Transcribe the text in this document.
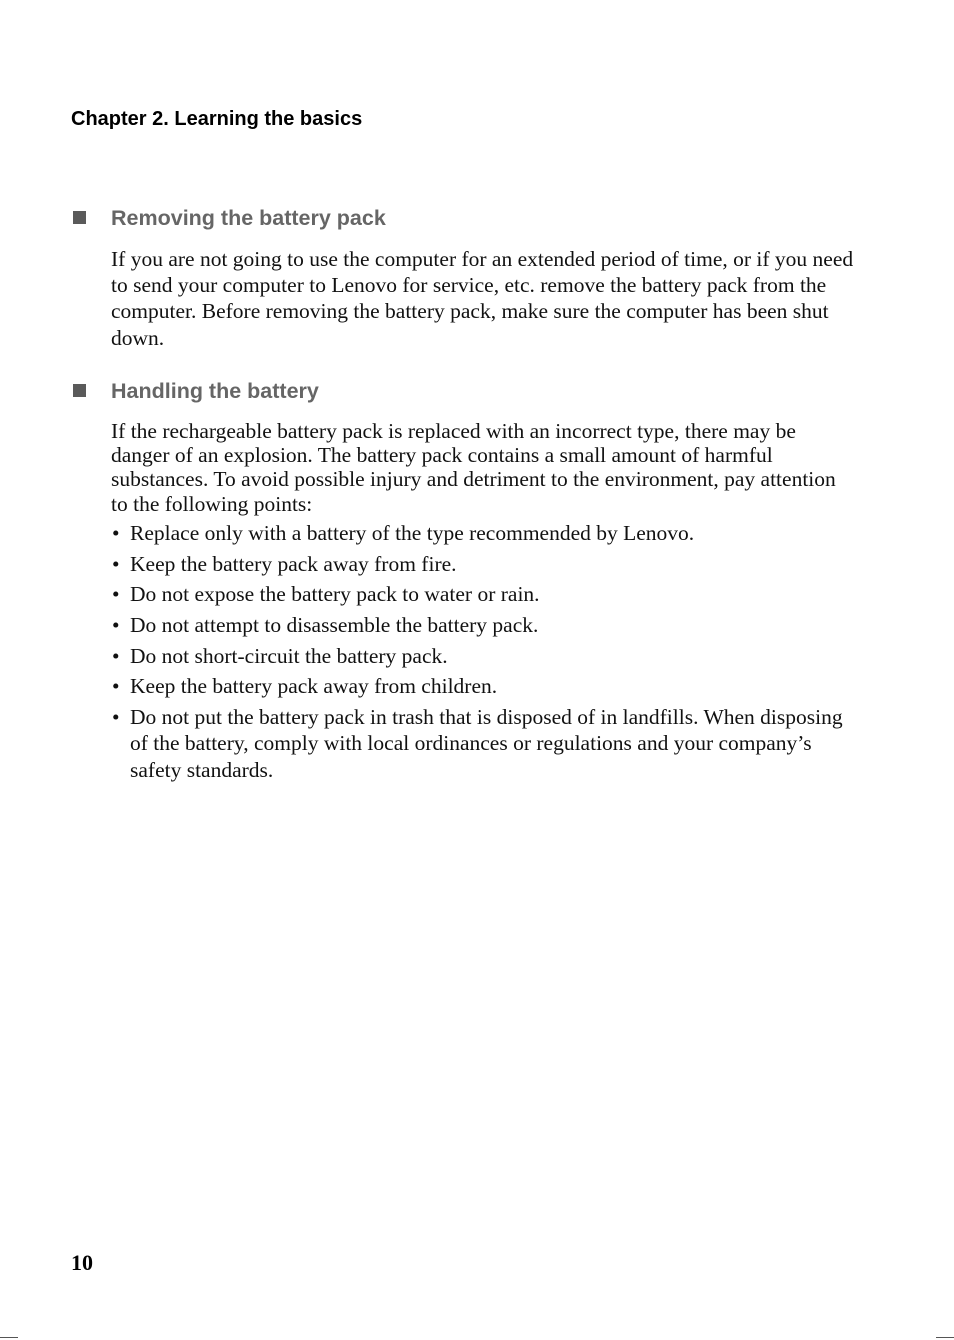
Chapter 2. Learning the basics
Removing the battery pack

If you are not going to use the computer for an extended period of time, or if you need to send your computer to Lenovo for service, etc. remove the battery pack from the computer. Before removing the battery pack, make sure the computer has been shut down.

Handling the battery

If the rechargeable battery pack is replaced with an incorrect type, there may be danger of an explosion. The battery pack contains a small amount of harmful substances. To avoid possible injury and detriment to the environment, pay attention to the following points:

• Replace only with a battery of the type recommended by Lenovo.
• Keep the battery pack away from fire.
• Do not expose the battery pack to water or rain.
• Do not attempt to disassemble the battery pack.
• Do not short-circuit the battery pack.
• Keep the battery pack away from children.
• Do not put the battery pack in trash that is disposed of in landfills. When disposing of the battery, comply with local ordinances or regulations and your company’s safety standards.
10
